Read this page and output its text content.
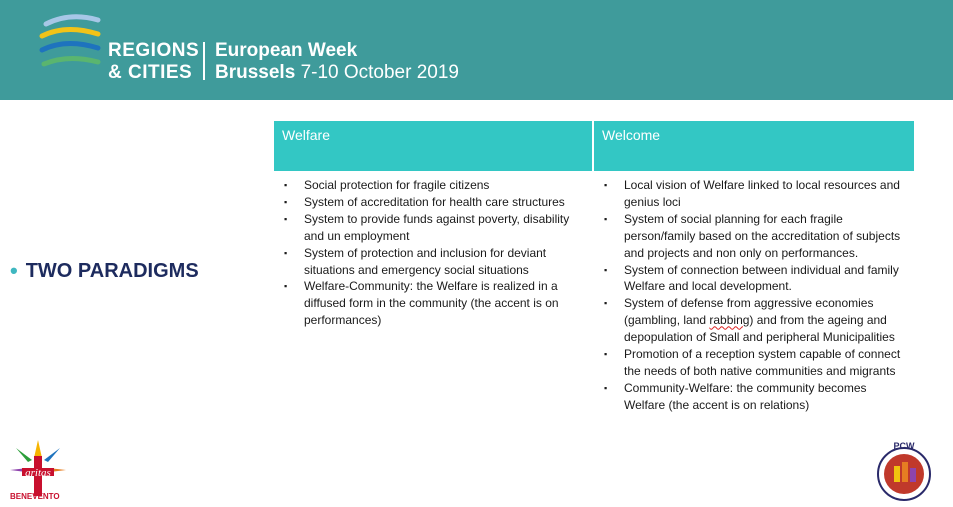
REGIONS
& CITIES
European Week
Brussels 7-10 October 2019
• TWO PARADIGMS
Welfare	Welcome
▪ Social protection for fragile citizens
▪ System of accreditation for health care structures
▪ System to provide funds against poverty, disability and un employment
▪ System of protection and inclusion for deviant situations and emergency social situations
▪ Welfare-Community: the Welfare is realized in a diffused form in the community (the accent is on performances)
▪ Local vision of Welfare linked to local resources and genius loci
▪ System of social planning for each fragile person/family based on the accreditation of subjects and projects and non only on performances.
▪ System of connection between individual and family Welfare and local development.
▪ System of defense from aggressive economies (gambling, land rabbing) and from the ageing and depopulation of Small and peripheral Municipalities
▪ Promotion of a reception system capable of connect the needs of both native communities and migrants
▪ Community-Welfare: the community becomes Welfare (the accent is on relations)
aritas
BENEVENTO
PCW
